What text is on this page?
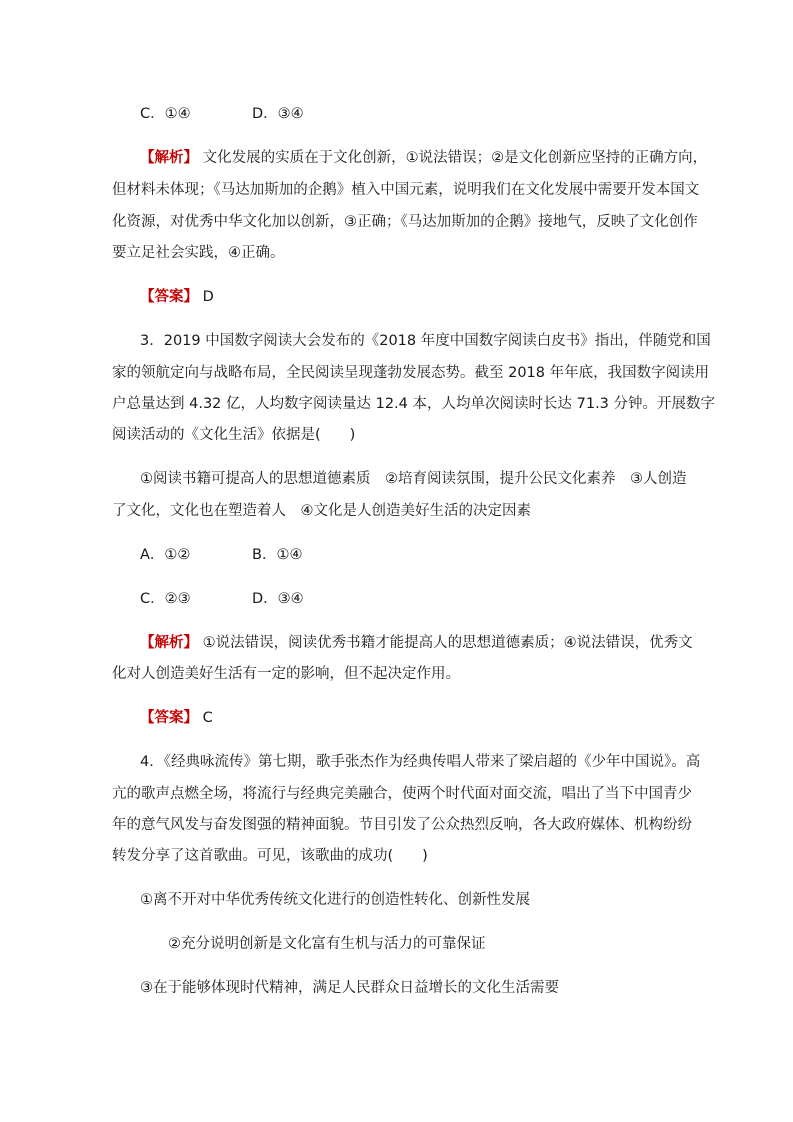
C．①④	D．③④
【解析】 文化发展的实质在于文化创新，①说法错误；②是文化创新应坚持的正确方向，
但材料未体现；《马达加斯加的企鹅》植入中国元素，说明我们在文化发展中需要开发本国文
化资源，对优秀中华文化加以创新，③正确；《马达加斯加的企鹅》接地气，反映了文化创作
要立足社会实践，④正确。
【答案】 D
3．2019 中国数字阅读大会发布的《2018 年度中国数字阅读白皮书》指出，伴随党和国
家的领航定向与战略布局，全民阅读呈现蓬勃发展态势。截至 2018 年年底，我国数字阅读用
户总量达到 4.32 亿，人均数字阅读量达 12.4 本，人均单次阅读时长达 71.3 分钟。开展数字
阅读活动的《文化生活》依据是(　　)
①阅读书籍可提高人的思想道德素质　②培育阅读氛围，提升公民文化素养　③人创造
了文化，文化也在塑造着人　④文化是人创造美好生活的决定因素
A．①②	B．①④
C．②③	D．③④
【解析】 ①说法错误，阅读优秀书籍才能提高人的思想道德素质；④说法错误，优秀文
化对人创造美好生活有一定的影响，但不起决定作用。
【答案】 C
4．《经典咏流传》第七期，歌手张杰作为经典传唱人带来了梁启超的《少年中国说》。高
亢的歌声点燃全场，将流行与经典完美融合，使两个时代面对面交流，唱出了当下中国青少
年的意气风发与奋发图强的精神面貌。节目引发了公众热烈反响，各大政府媒体、机构纷纷
转发分享了这首歌曲。可见，该歌曲的成功(　　)
①离不开对中华优秀传统文化进行的创造性转化、创新性发展
②充分说明创新是文化富有生机与活力的可靠保证
③在于能够体现时代精神，满足人民群众日益增长的文化生活需要
